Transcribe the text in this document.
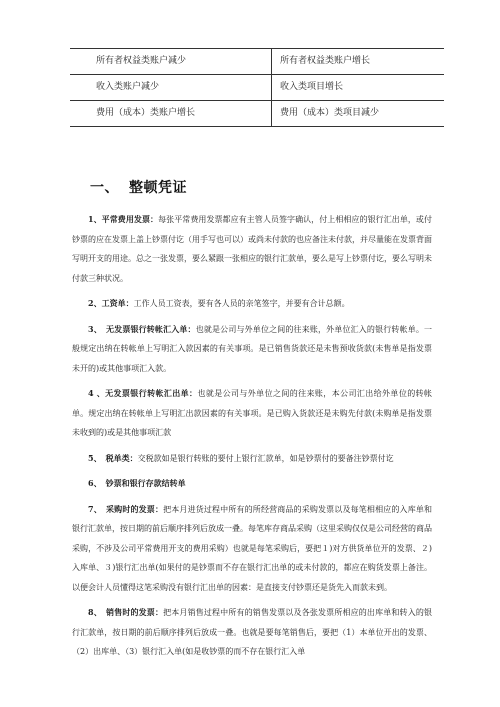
所有者权益类账户减少	所有者权益类账户增长
收入类账户减少	收入类项目增长
费用（成本）类账户增长	费用（成本）类项目减少
一、 整顿凭证

1、平常费用发票：每张平常费用发票都应有主管人员签字确认，付上相相应的银行汇出单，或付钞票的应在发票上盖上钞票付讫（用手写也可以）或尚未付款的也应备注未付款，并尽量能在发票背面写明开支的用途。总之一张发票，要么紧跟一张相应的银行汇款单，要么是写上钞票付讫，要么写明未付款三种状况。

2、工资单：工作人员工资表，要有各人员的亲笔签字，并要有合计总额。

3、　无发票银行转帐汇入单：也就是公司与外单位之间的往来账，外单位汇入的银行转帐单。一般规定出纳在转帐单上写明汇入款因素的有关事项。是已销售货款还是未售预收货款(未售单是指发票未开的)或其他事项汇入款。

4 、无发票银行转帐汇出单：也就是公司与外单位之间的往来账，本公司汇出给外单位的转帐单。规定出纳在转帐单上写明汇出款因素的有关事项。是已购入货款还是未购先付款(未购单是指发票未收到的)或是其他事项汇款

5、　税单类：交税款如是银行转账的要付上银行汇款单，如是钞票付的要备注钞票付讫

6、　钞票和银行存款结转单

7、　采购时的发票：把本月进货过程中所有的所经营商品的采购发票以及每笔相相应的入库单和银行汇款单，按日期的前后顺序排列后放成一叠。每笔库存商品采购（这里采购仅仅是公司经营的商品采购，不涉及公司平常费用开支的费用采购）也就是每笔采购后，要把１)对方供货单位开的发票、２)入库单、３)银行汇出单(如果付的是钞票而不存在银行汇出单的或未付款的，都应在购货发票上备注。以便会计人员懂得这笔采购没有银行汇出单的因素：是直接支付钞票还是货先入而款未到。

8、　销售时的发票：把本月销售过程中所有的销售发票以及各张发票所相应的出库单和转入的银行汇款单，按日期的前后顺序排列后放成一叠。也就是要每笔销售后，要把（1）本单位开出的发票、（2）出库单、（3）银行汇入单(如是收钞票的而不存在银行汇入单
